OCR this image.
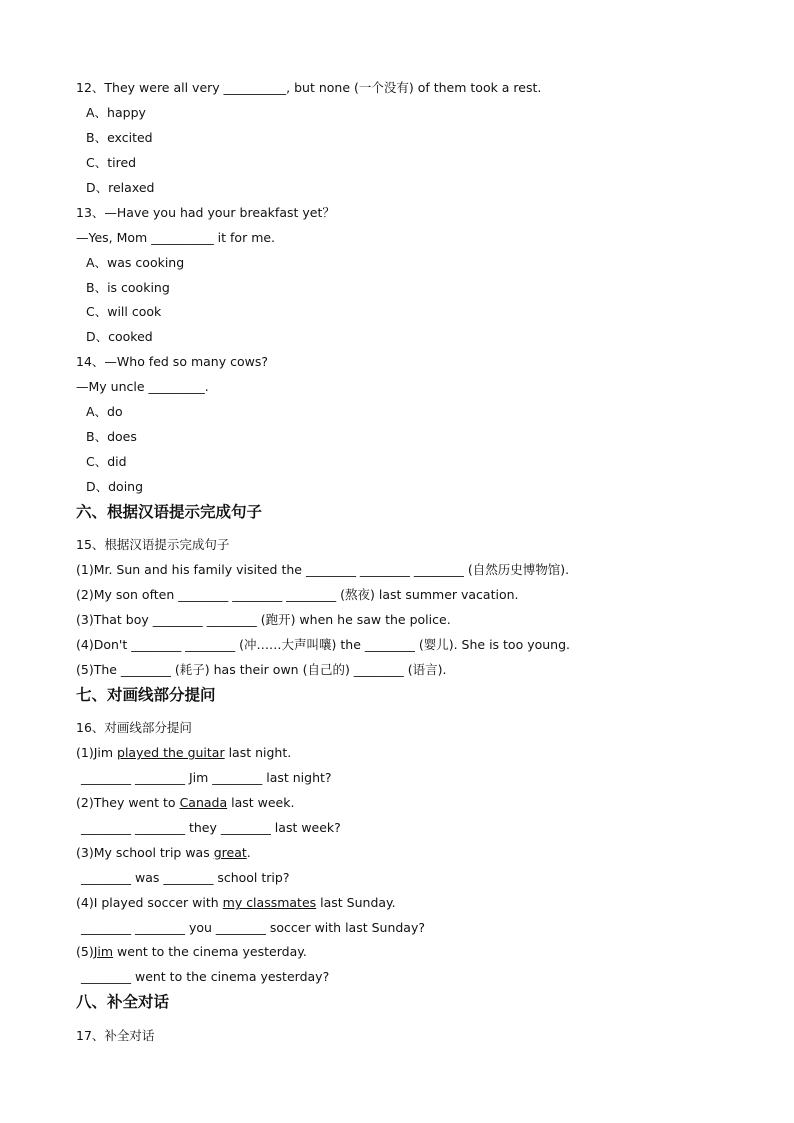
12、They were all very __________, but none (一个没有) of them took a rest.
A、happy
B、excited
C、tired
D、relaxed
13、—Have you had your breakfast yet？
—Yes, Mom __________ it for me.
A、was cooking
B、is cooking
C、will cook
D、cooked
14、—Who fed so many cows?
—My uncle _________.
A、do
B、does
C、did
D、doing
六、根据汉语提示完成句子
15、根据汉语提示完成句子
(1)Mr. Sun and his family visited the ________ ________ ________ (自然历史博物馆).
(2)My son often ________ ________ ________ (熬夜) last summer vacation.
(3)That boy ________ ________ (跑开) when he saw the police.
(4)Don't ________ ________ (冲……大声叫嚷) the ________ (婴儿). She is too young.
(5)The ________ (耗子) has their own (自己的) ________ (语言).
七、对画线部分提问
16、对画线部分提问
(1)Jim played the guitar last night.
________ ________ Jim ________ last night?
(2)They went to Canada last week.
________ ________ they ________ last week?
(3)My school trip was great.
________ was ________ school trip?
(4)I played soccer with my classmates last Sunday.
________ ________ you ________ soccer with last Sunday?
(5)Jim went to the cinema yesterday.
________ went to the cinema yesterday?
八、补全对话
17、补全对话
